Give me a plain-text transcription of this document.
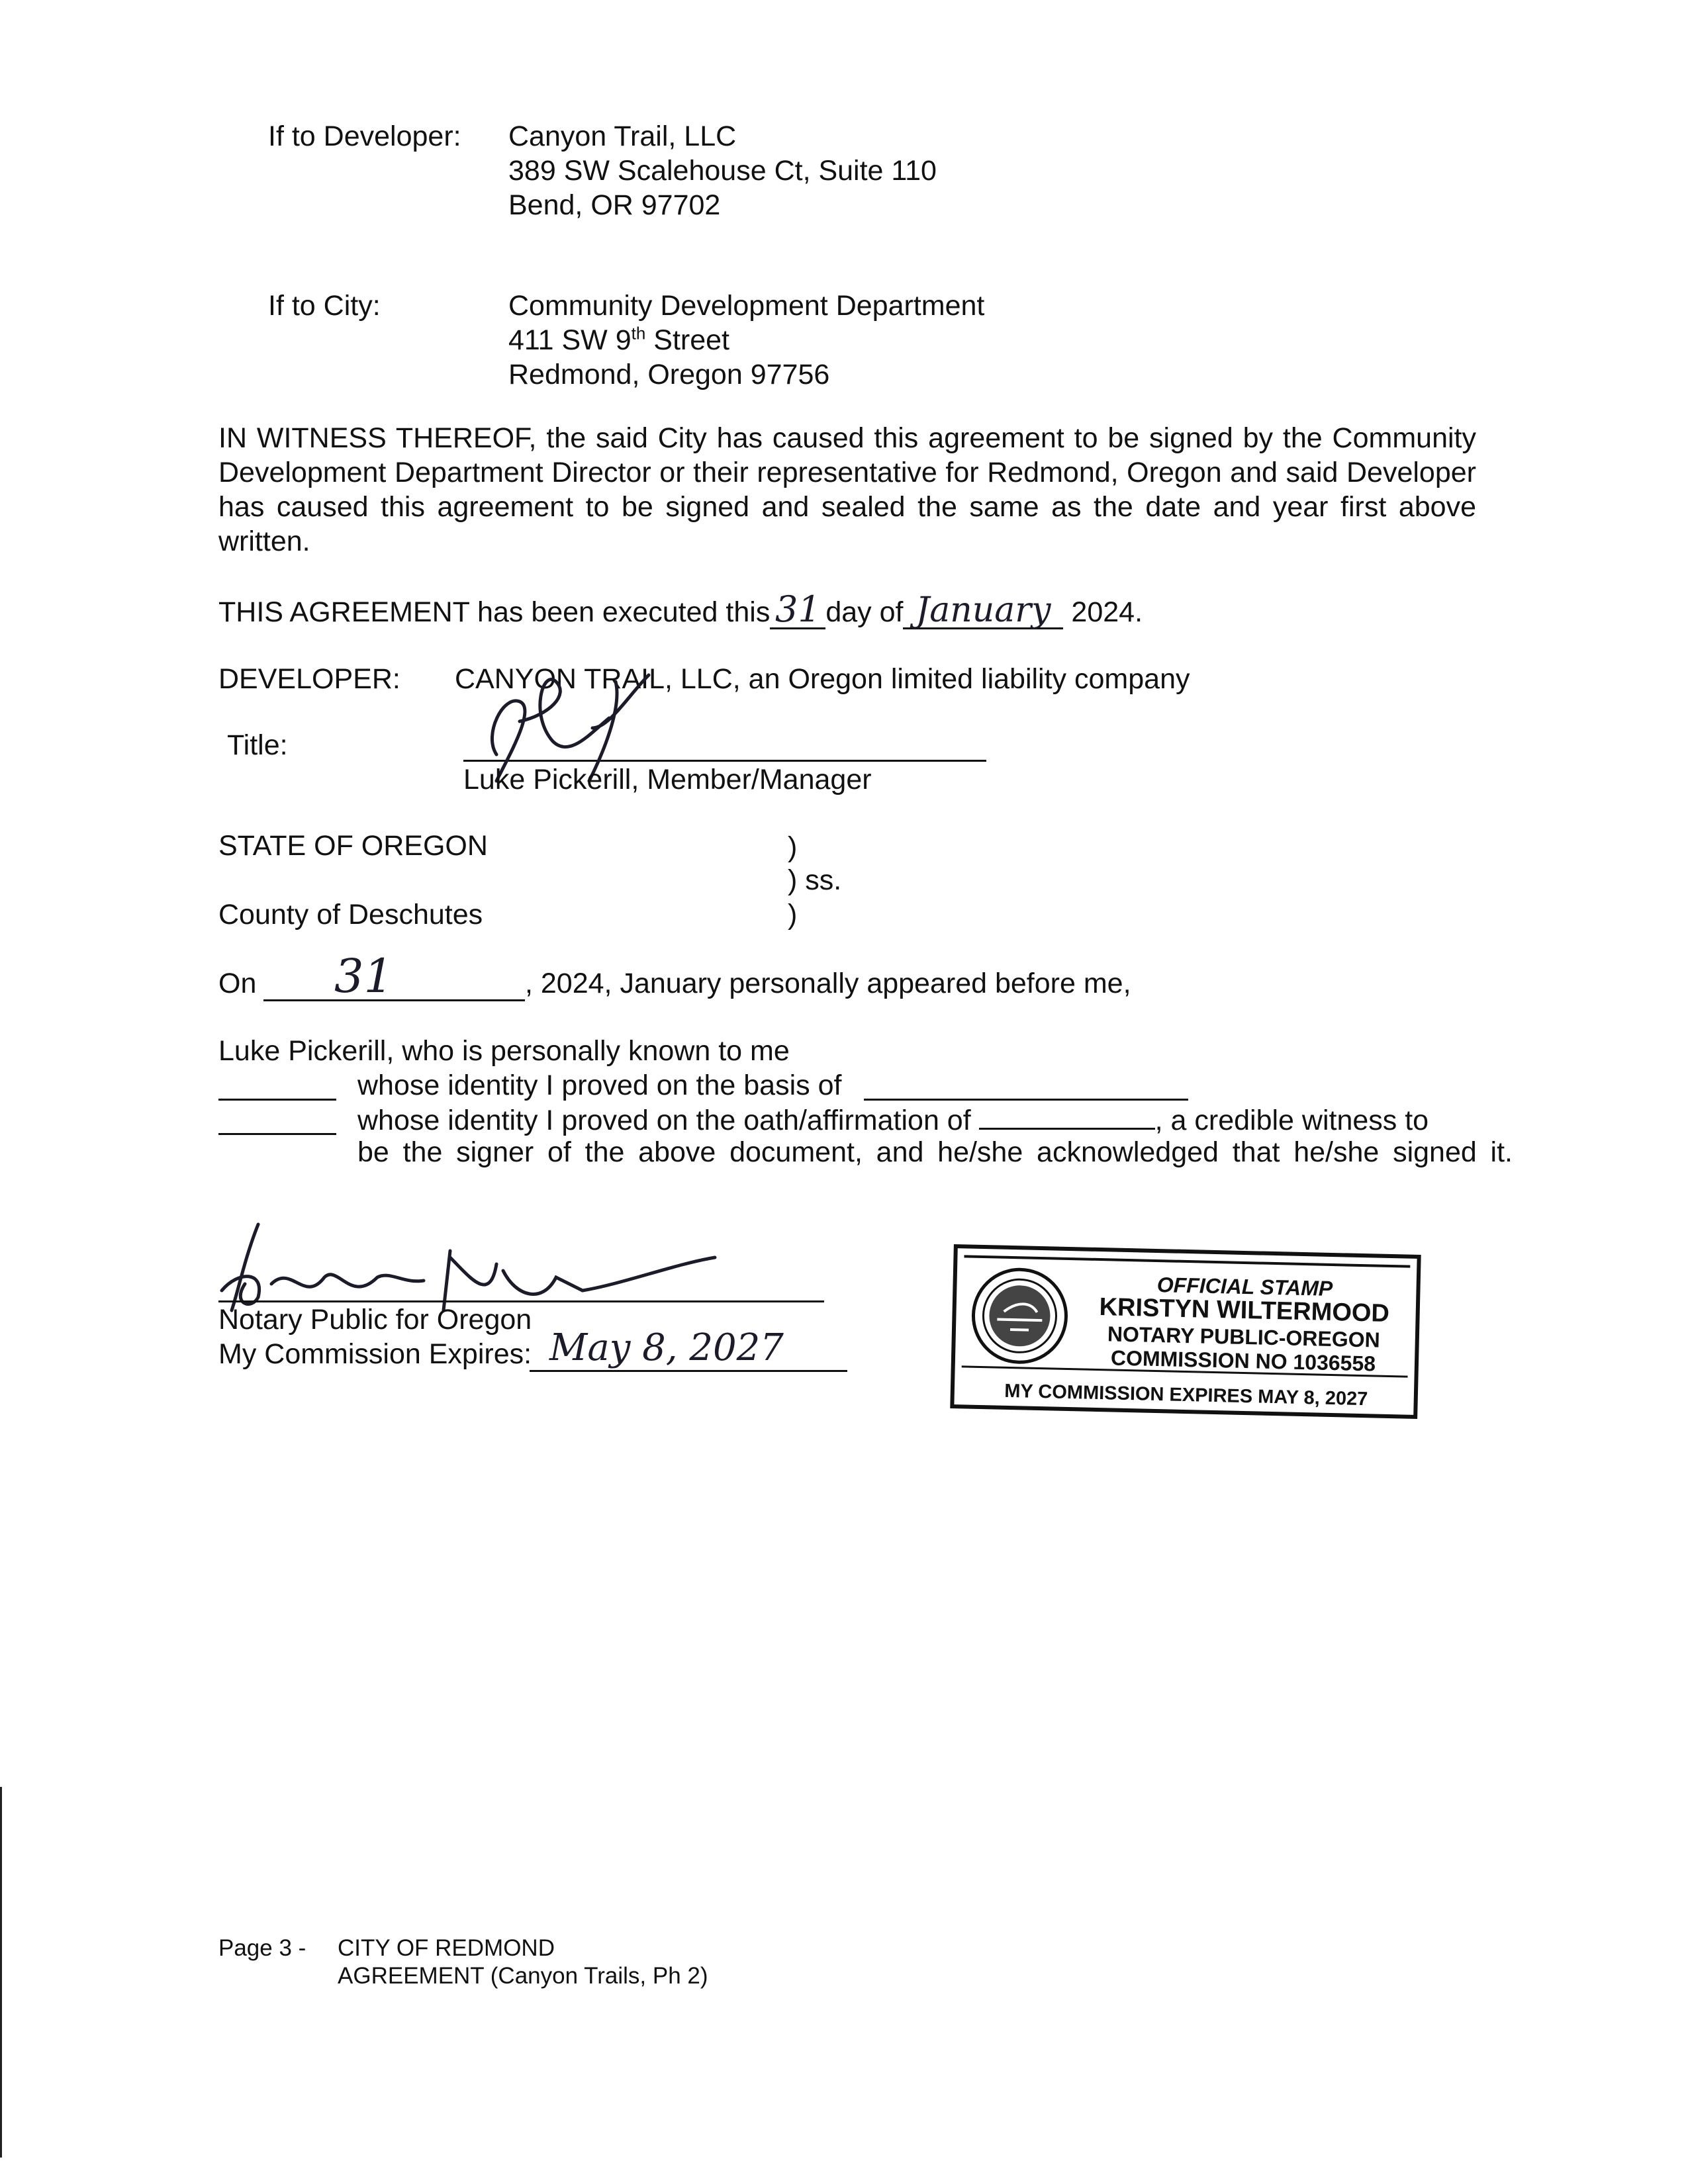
If to Developer: Canyon Trail, LLC
389 SW Scalehouse Ct, Suite 110
Bend, OR 97702
If to City:	Community Development Department
411 SW 9th Street
Redmond, Oregon 97756
IN WITNESS THEREOF, the said City has caused this agreement to be signed by the Community Development Department Director or their representative for Redmond, Oregon and said Developer has caused this agreement to be signed and sealed the same as the date and year first above written.
THIS AGREEMENT has been executed this 31 day of January 2024.
DEVELOPER: CANYON TRAIL, LLC, an Oregon limited liability company
Title:
Luke Pickerill, Member/Manager
STATE OF OREGON	)
) ss.
County of Deschutes	)
On 31	, 2024, January personally appeared before me,
Luke Pickerill, who is personally known to me
whose identity I proved on the basis of
whose identity I proved on the oath/affirmation of	, a credible witness to
be the signer of the above document, and he/she acknowledged that he/she signed it.
Notary Public for Oregon
My Commission Expires: May 8, 2027
OFFICIAL STAMP
KRISTYN WILTERMOOD
NOTARY PUBLIC-OREGON
COMMISSION NO 1036558
MY COMMISSION EXPIRES MAY 8, 2027
Page 3 - CITY OF REDMOND
AGREEMENT (Canyon Trails, Ph 2)
